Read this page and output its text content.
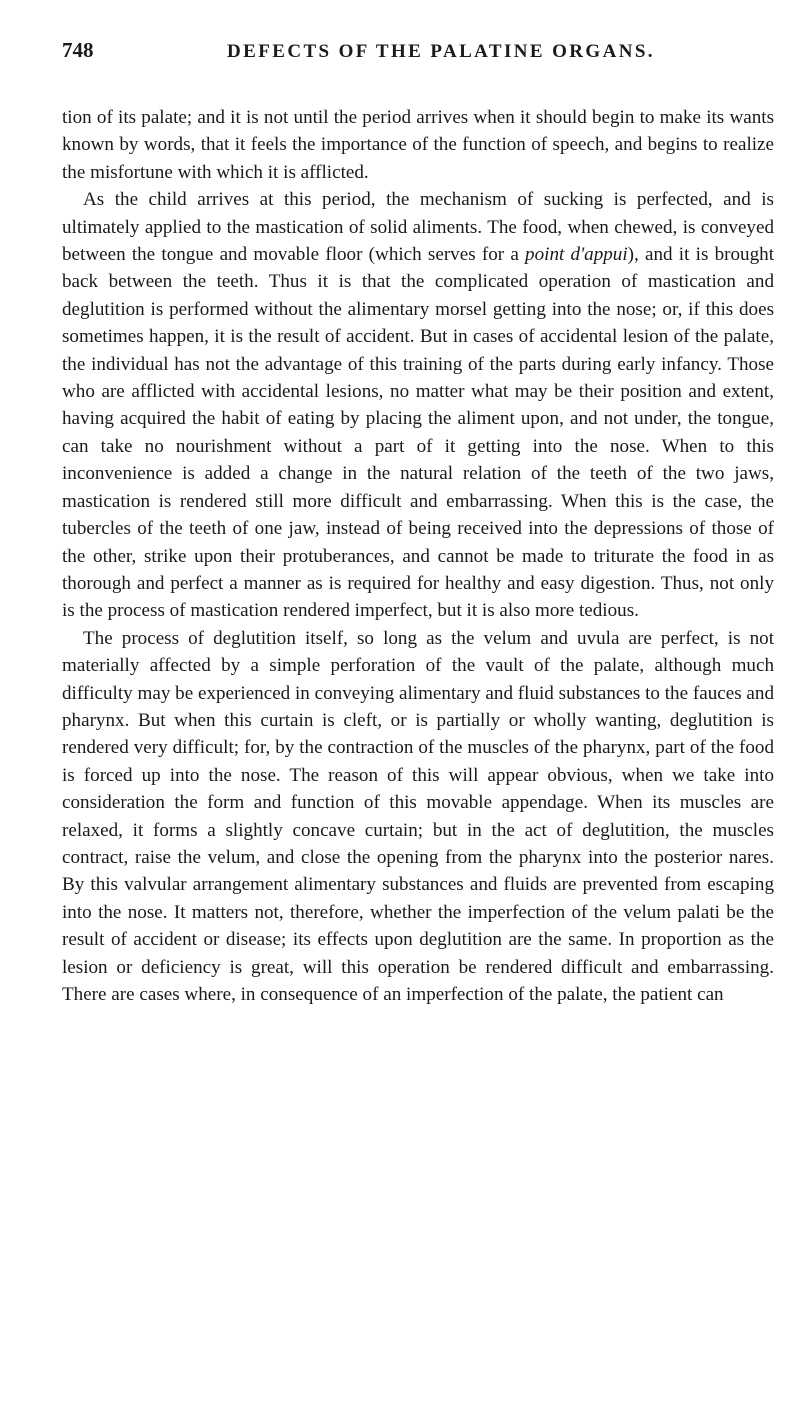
748	DEFECTS OF THE PALATINE ORGANS.

tion of its palate; and it is not until the period arrives when it should begin to make its wants known by words, that it feels the importance of the function of speech, and begins to realize the misfortune with which it is afflicted.

As the child arrives at this period, the mechanism of sucking is perfected, and is ultimately applied to the mastication of solid aliments. The food, when chewed, is conveyed between the tongue and movable floor (which serves for a point d'appui), and it is brought back between the teeth. Thus it is that the complicated operation of mastication and deglutition is performed without the alimentary morsel getting into the nose; or, if this does sometimes happen, it is the result of accident. But in cases of accidental lesion of the palate, the individual has not the advantage of this training of the parts during early infancy. Those who are afflicted with accidental lesions, no matter what may be their position and extent, having acquired the habit of eating by placing the aliment upon, and not under, the tongue, can take no nourishment without a part of it getting into the nose. When to this inconvenience is added a change in the natural relation of the teeth of the two jaws, mastication is rendered still more difficult and embarrassing. When this is the case, the tubercles of the teeth of one jaw, instead of being received into the depressions of those of the other, strike upon their protuberances, and cannot be made to triturate the food in as thorough and perfect a manner as is required for healthy and easy digestion. Thus, not only is the process of mastication rendered imperfect, but it is also more tedious.

The process of deglutition itself, so long as the velum and uvula are perfect, is not materially affected by a simple perforation of the vault of the palate, although much difficulty may be experienced in conveying alimentary and fluid substances to the fauces and pharynx. But when this curtain is cleft, or is partially or wholly wanting, deglutition is rendered very difficult; for, by the contraction of the muscles of the pharynx, part of the food is forced up into the nose. The reason of this will appear obvious, when we take into consideration the form and function of this movable appendage. When its muscles are relaxed, it forms a slightly concave curtain; but in the act of deglutition, the muscles contract, raise the velum, and close the opening from the pharynx into the posterior nares. By this valvular arrangement alimentary substances and fluids are prevented from escaping into the nose. It matters not, therefore, whether the imperfection of the velum palati be the result of accident or disease; its effects upon deglutition are the same. In proportion as the lesion or deficiency is great, will this operation be rendered difficult and embarrassing. There are cases where, in consequence of an imperfection of the palate, the patient can
